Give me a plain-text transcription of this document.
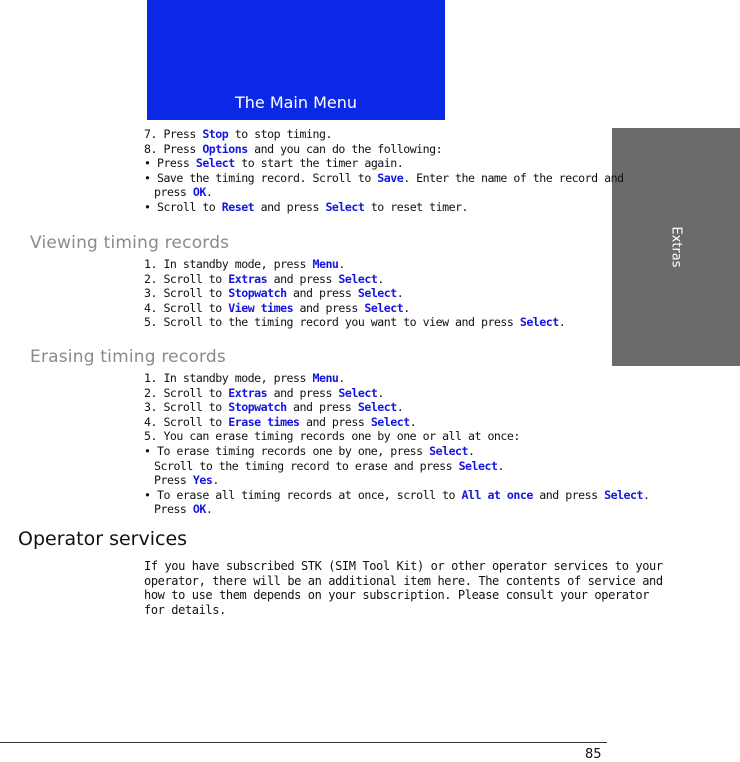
The Main Menu
Extras
7. Press Stop to stop timing.
8. Press Options and you can do the following:
• Press Select to start the timer again.
• Save the timing record. Scroll to Save. Enter the name of the record and
press OK.
• Scroll to Reset and press Select to reset timer.
Viewing timing records
1. In standby mode, press Menu.
2. Scroll to Extras and press Select.
3. Scroll to Stopwatch and press Select.
4. Scroll to View times and press Select.
5. Scroll to the timing record you want to view and press Select.
Erasing timing records
1. In standby mode, press Menu.
2. Scroll to Extras and press Select.
3. Scroll to Stopwatch and press Select.
4. Scroll to Erase times and press Select.
5. You can erase timing records one by one or all at once:
• To erase timing records one by one, press Select.
Scroll to the timing record to erase and press Select.
Press Yes.
• To erase all timing records at once, scroll to All at once and press Select.
Press OK.
Operator services
If you have subscribed STK (SIM Tool Kit) or other operator services to your
operator, there will be an additional item here. The contents of service and
how to use them depends on your subscription. Please consult your operator
for details.
85
